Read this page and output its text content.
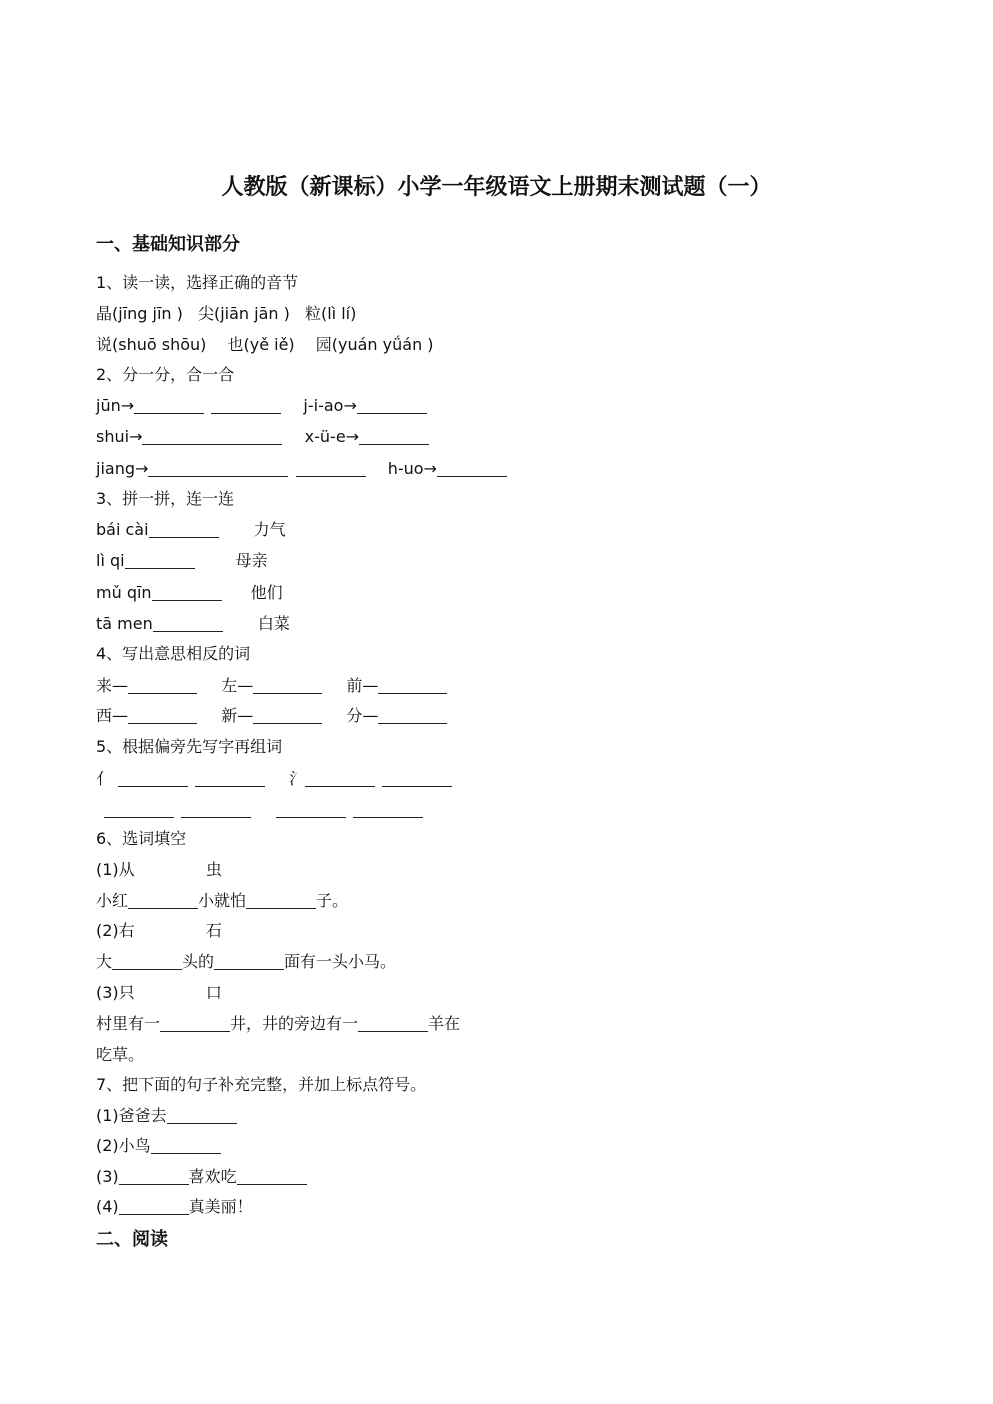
人教版（新课标）小学一年级语文上册期末测试题（一）
一、基础知识部分
1、读一读，选择正确的音节
晶(jīng jīn ) 尖(jiān jān ) 粒(lì lí)
说(shuō shōu) 也(yě iě) 园(yuán yǘán )
2、分一分，合一合
jūn→	j-i-ao→
shui→	x-ü-e→
jiang→	h-uo→
3、拼一拼，连一连
bái cài	力气
lì qi	母亲
mǔ qīn	他们
tā men	白菜
4、写出意思相反的词
来—	左—	前—
西—	新—	分—
5、根据偏旁先写字再组词
亻	氵

6、选词填空
(1)从              虫
小红	小就怕	子。
(2)右              石
大	头的	面有一头小马。
(3)只              口
村里有一	井，井的旁边有一	羊在
吃草。
7、把下面的句子补充完整，并加上标点符号。
(1)爸爸去
(2)小鸟
(3)	喜欢吃
(4)	真美丽！
二、阅读
